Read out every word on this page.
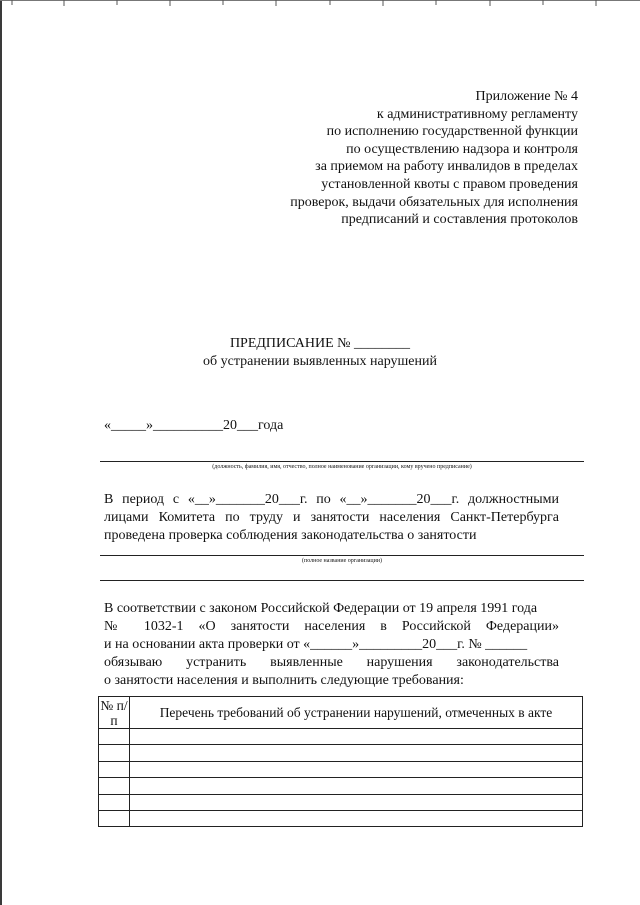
Приложение № 4
к административному регламенту
по исполнению государственной функции
по осуществлению надзора и контроля
за приемом на работу инвалидов в пределах
установленной квоты с правом проведения
проверок, выдачи обязательных для исполнения
предписаний и составления протоколов
ПРЕДПИСАНИЕ № ________
об устранении выявленных нарушений
«_____»__________20___года
(должность, фамилия, имя, отчество, полное наименование организации, кому вручено предписание)
В период с «__»_______20___г. по «__»_______20___г. должностными
лицами Комитета по труду и занятости населения Санкт-Петербурга
проведена проверка соблюдения законодательства о занятости
(полное название организации)
В соответствии с законом Российской Федерации от 19 апреля 1991 года
№ 1032-1 «О занятости населения в Российской Федерации»
и на основании акта проверки от «______»_________20___г. № ______
обязываю устранить выявленные нарушения законодательства
о занятости населения и выполнить следующие требования:
№ п/п	Перечень требований об устранении нарушений, отмеченных в акте
